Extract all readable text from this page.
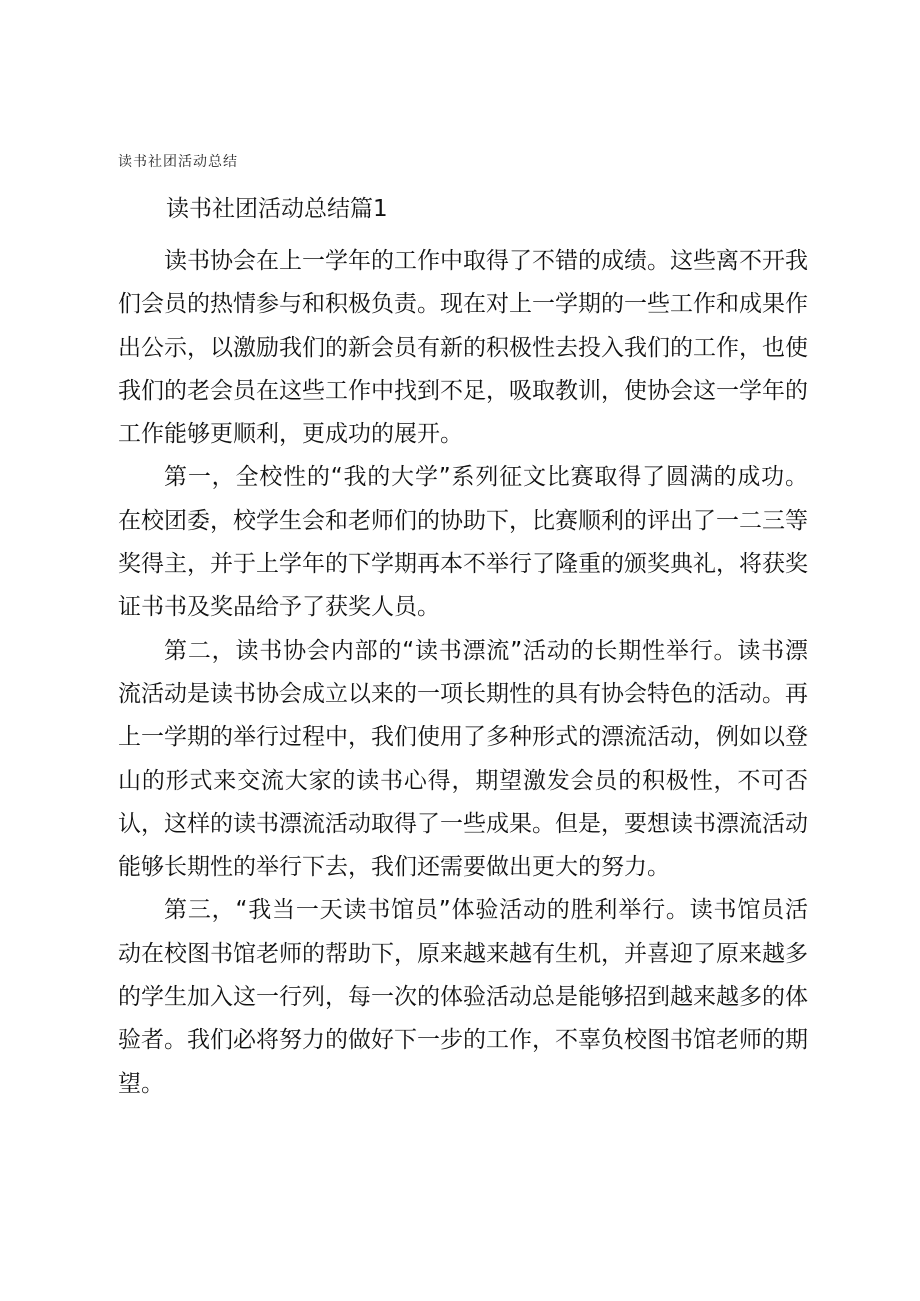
读书社团活动总结
读书社团活动总结篇1

读书协会在上一学年的工作中取得了不错的成绩。这些离不开我们会员的热情参与和积极负责。现在对上一学期的一些工作和成果作出公示，以激励我们的新会员有新的积极性去投入我们的工作，也使我们的老会员在这些工作中找到不足，吸取教训，使协会这一学年的工作能够更顺利，更成功的展开。

第一，全校性的“我的大学”系列征文比赛取得了圆满的成功。在校团委，校学生会和老师们的协助下，比赛顺利的评出了一二三等奖得主，并于上学年的下学期再本不举行了隆重的颁奖典礼，将获奖证书书及奖品给予了获奖人员。

第二，读书协会内部的“读书漂流”活动的长期性举行。读书漂流活动是读书协会成立以来的一项长期性的具有协会特色的活动。再上一学期的举行过程中，我们使用了多种形式的漂流活动，例如以登山的形式来交流大家的读书心得，期望激发会员的积极性，不可否认，这样的读书漂流活动取得了一些成果。但是，要想读书漂流活动能够长期性的举行下去，我们还需要做出更大的努力。

第三，“我当一天读书馆员”体验活动的胜利举行。读书馆员活动在校图书馆老师的帮助下，原来越来越有生机，并喜迎了原来越多的学生加入这一行列，每一次的体验活动总是能够招到越来越多的体验者。我们必将努力的做好下一步的工作，不辜负校图书馆老师的期望。
